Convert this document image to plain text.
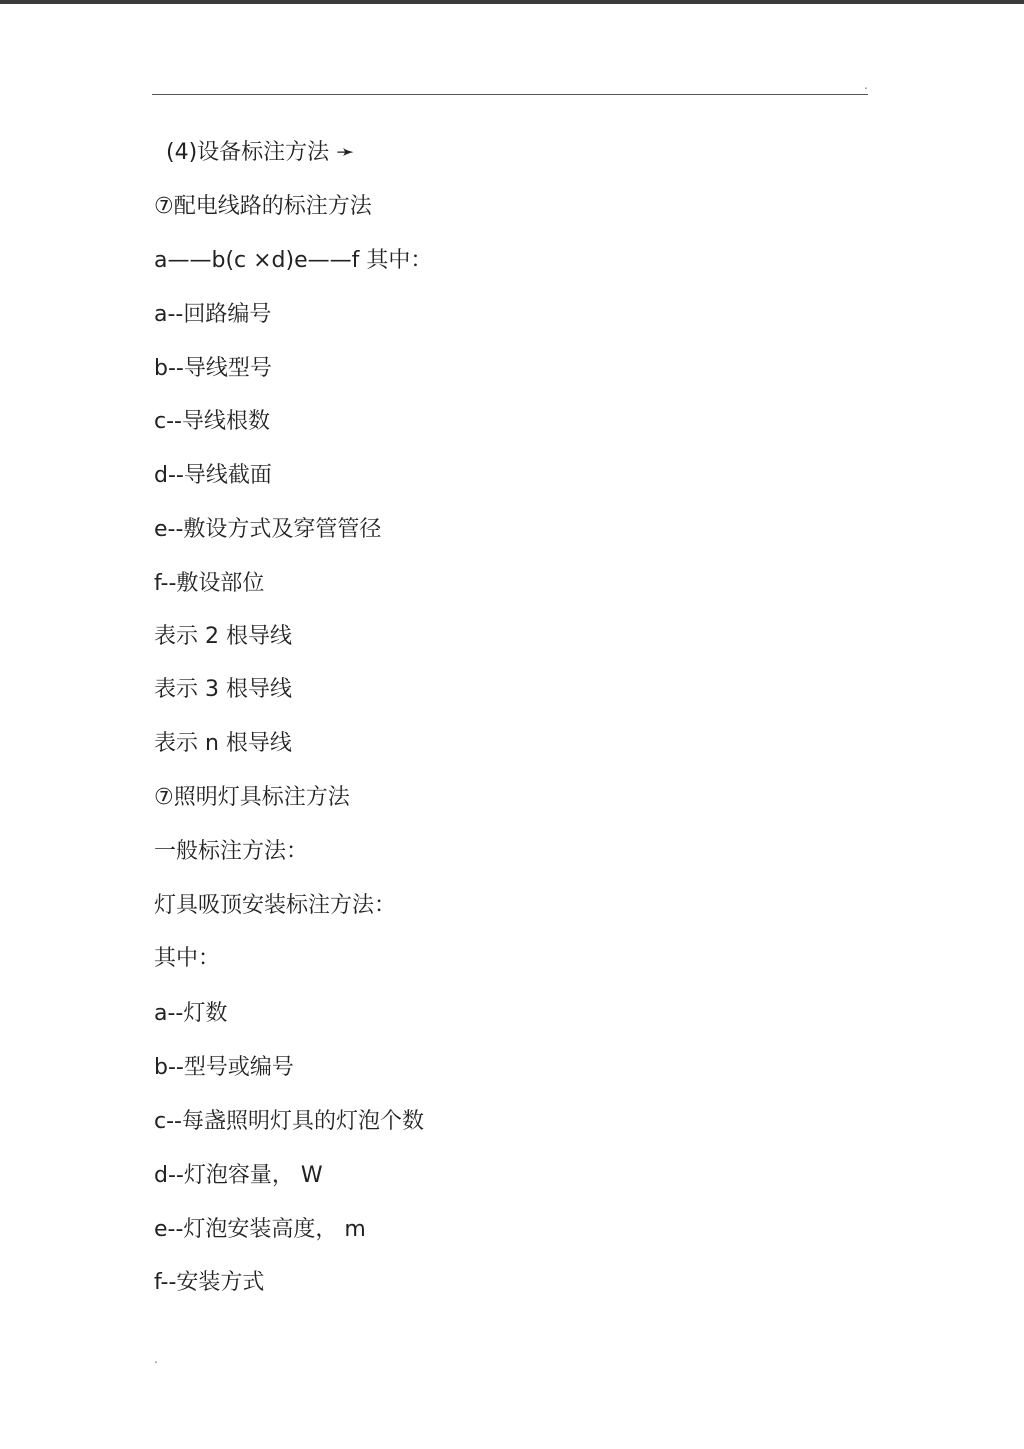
.
(4)设备标注方法 ➛
⑦配电线路的标注方法
a——b(c ×d)e——f 其中：
a--回路编号
b--导线型号
c--导线根数
d--导线截面
e--敷设方式及穿管管径
f--敷设部位
表示 2 根导线
表示 3 根导线
表示 n 根导线
⑦照明灯具标注方法
一般标注方法：
灯具吸顶安装标注方法：
其中：
a--灯数
b--型号或编号
c--每盏照明灯具的灯泡个数
d--灯泡容量， W
e--灯泡安装高度， m
f--安装方式
.
